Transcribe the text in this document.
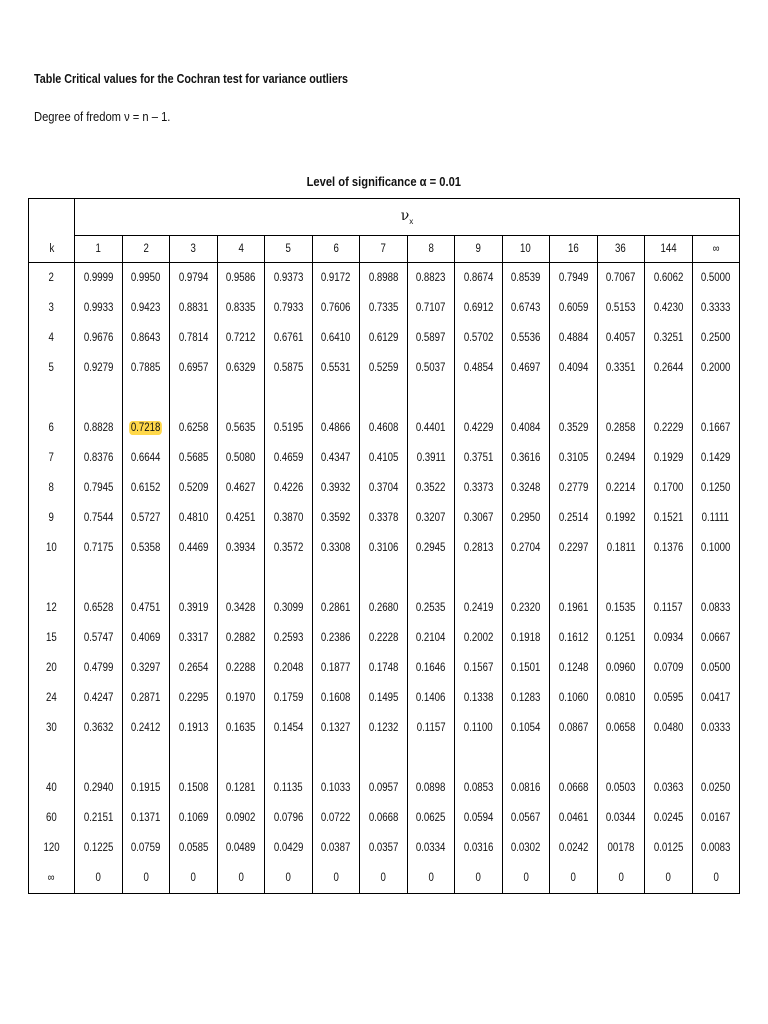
Table Critical values for the Cochran test for variance outliers
Degree of fredom ν = n – 1.
Level of significance α = 0.01
	$\nu_x$
k	1	2	3	4	5	6	7	8	9	10	16	36	144	∞
2	0.9999	0.9950	0.9794	0.9586	0.9373	0.9172	0.8988	0.8823	0.8674	0.8539	0.7949	0.7067	0.6062	0.5000
3	0.9933	0.9423	0.8831	0.8335	0.7933	0.7606	0.7335	0.7107	0.6912	0.6743	0.6059	0.5153	0.4230	0.3333
4	0.9676	0.8643	0.7814	0.7212	0.6761	0.6410	0.6129	0.5897	0.5702	0.5536	0.4884	0.4057	0.3251	0.2500
5	0.9279	0.7885	0.6957	0.6329	0.5875	0.5531	0.5259	0.5037	0.4854	0.4697	0.4094	0.3351	0.2644	0.2000

6	0.8828	0.7218	0.6258	0.5635	0.5195	0.4866	0.4608	0.4401	0.4229	0.4084	0.3529	0.2858	0.2229	0.1667
7	0.8376	0.6644	0.5685	0.5080	0.4659	0.4347	0.4105	0.3911	0.3751	0.3616	0.3105	0.2494	0.1929	0.1429
8	0.7945	0.6152	0.5209	0.4627	0.4226	0.3932	0.3704	0.3522	0.3373	0.3248	0.2779	0.2214	0.1700	0.1250
9	0.7544	0.5727	0.4810	0.4251	0.3870	0.3592	0.3378	0.3207	0.3067	0.2950	0.2514	0.1992	0.1521	0.1111
10	0.7175	0.5358	0.4469	0.3934	0.3572	0.3308	0.3106	0.2945	0.2813	0.2704	0.2297	0.1811	0.1376	0.1000

12	0.6528	0.4751	0.3919	0.3428	0.3099	0.2861	0.2680	0.2535	0.2419	0.2320	0.1961	0.1535	0.1157	0.0833
15	0.5747	0.4069	0.3317	0.2882	0.2593	0.2386	0.2228	0.2104	0.2002	0.1918	0.1612	0.1251	0.0934	0.0667
20	0.4799	0.3297	0.2654	0.2288	0.2048	0.1877	0.1748	0.1646	0.1567	0.1501	0.1248	0.0960	0.0709	0.0500
24	0.4247	0.2871	0.2295	0.1970	0.1759	0.1608	0.1495	0.1406	0.1338	0.1283	0.1060	0.0810	0.0595	0.0417
30	0.3632	0.2412	0.1913	0.1635	0.1454	0.1327	0.1232	0.1157	0.1100	0.1054	0.0867	0.0658	0.0480	0.0333

40	0.2940	0.1915	0.1508	0.1281	0.1135	0.1033	0.0957	0.0898	0.0853	0.0816	0.0668	0.0503	0.0363	0.0250
60	0.2151	0.1371	0.1069	0.0902	0.0796	0.0722	0.0668	0.0625	0.0594	0.0567	0.0461	0.0344	0.0245	0.0167
120	0.1225	0.0759	0.0585	0.0489	0.0429	0.0387	0.0357	0.0334	0.0316	0.0302	0.0242	00178	0.0125	0.0083
∞	0	0	0	0	0	0	0	0	0	0	0	0	0	0
